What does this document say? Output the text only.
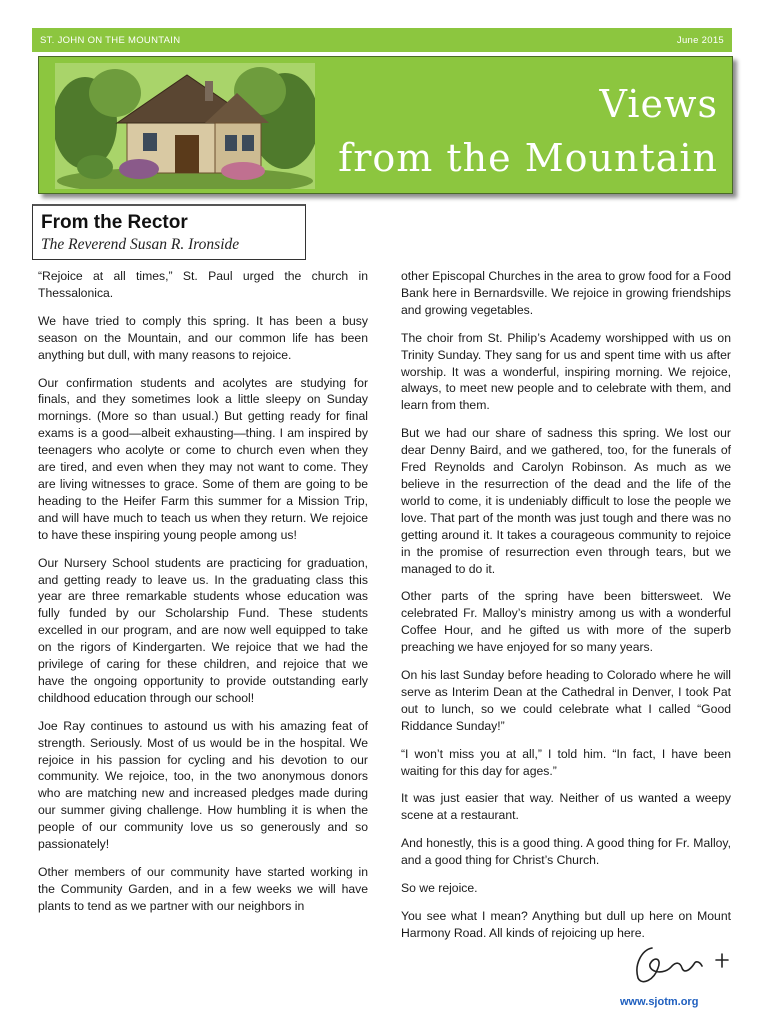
ST. JOHN ON THE MOUNTAIN	June 2015
Views
from the Mountain
From the Rector
The Reverend Susan R. Ironside

“Rejoice at all times,” St. Paul urged the church in Thessalonica.

We have tried to comply this spring. It has been a busy season on the Mountain, and our common life has been anything but dull, with many reasons to rejoice.

Our confirmation students and acolytes are studying for finals, and they sometimes look a little sleepy on Sunday mornings. (More so than usual.) But getting ready for final exams is a good—albeit exhausting—thing. I am inspired by teenagers who acolyte or come to church even when they are tired, and even when they may not want to come. They are living witnesses to grace. Some of them are going to be heading to the Heifer Farm this summer for a Mission Trip, and will have much to teach us when they return. We rejoice to have these inspiring young people among us!

Our Nursery School students are practicing for graduation, and getting ready to leave us. In the graduating class this year are three remarkable students whose education was fully funded by our Scholarship Fund. These students excelled in our program, and are now well equipped to take on the rigors of Kindergarten. We rejoice that we had the privilege of caring for these children, and rejoice that we have the ongoing opportunity to provide outstanding early childhood education through our school!

Joe Ray continues to astound us with his amazing feat of strength. Seriously. Most of us would be in the hospital. We rejoice in his passion for cycling and his devotion to our community. We rejoice, too, in the two anonymous donors who are matching new and increased pledges made during our summer giving challenge. How humbling it is when the people of our community love us so generously and so passionately!

Other members of our community have started working in the Community Garden, and in a few weeks we will have plants to tend as we partner with our neighbors in

other Episcopal Churches in the area to grow food for a Food Bank here in Bernardsville. We rejoice in growing friendships and growing vegetables.

The choir from St. Philip’s Academy worshipped with us on Trinity Sunday. They sang for us and spent time with us after worship. It was a wonderful, inspiring morning. We rejoice, always, to meet new people and to celebrate with them, and learn from them.

But we had our share of sadness this spring. We lost our dear Denny Baird, and we gathered, too, for the funerals of Fred Reynolds and Carolyn Robinson. As much as we believe in the resurrection of the dead and the life of the world to come, it is undeniably difficult to lose the people we love. That part of the month was just tough and there was no getting around it. It takes a courageous community to rejoice in the promise of resurrection even through tears, but we managed to do it.

Other parts of the spring have been bittersweet. We celebrated Fr. Malloy’s ministry among us with a wonderful Coffee Hour, and he gifted us with more of the superb preaching we have enjoyed for so many years.

On his last Sunday before heading to Colorado where he will serve as Interim Dean at the Cathedral in Denver, I took Pat out to lunch, so we could celebrate what I called “Good Riddance Sunday!”

“I won’t miss you at all,” I told him. “In fact, I have been waiting for this day for ages.”

It was just easier that way. Neither of us wanted a weepy scene at a restaurant.

And honestly, this is a good thing. A good thing for Fr. Malloy, and a good thing for Christ’s Church.

So we rejoice.

You see what I mean? Anything but dull up here on Mount Harmony Road. All kinds of rejoicing up here.

www.sjotm.org
